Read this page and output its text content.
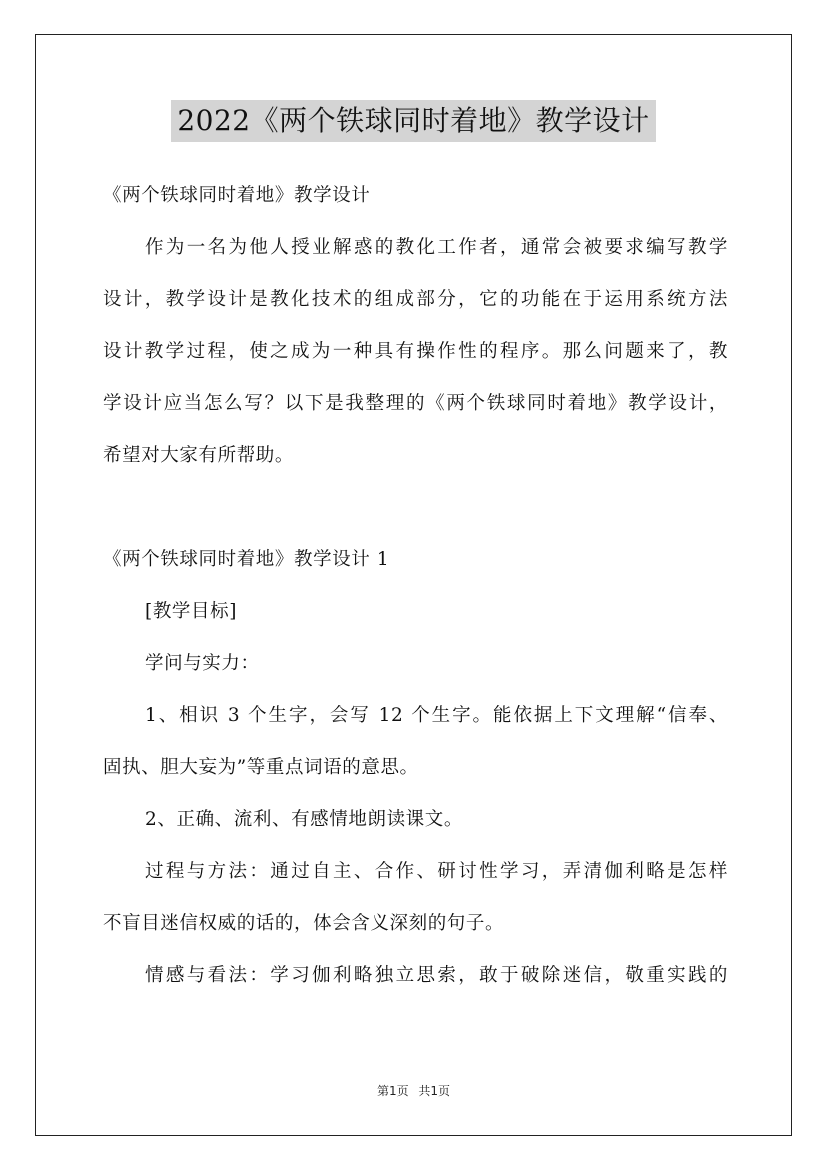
2022《两个铁球同时着地》教学设计

《两个铁球同时着地》教学设计

作为一名为他人授业解惑的教化工作者，通常会被要求编写教学

设计，教学设计是教化技术的组成部分，它的功能在于运用系统方法

设计教学过程，使之成为一种具有操作性的程序。那么问题来了，教

学设计应当怎么写？以下是我整理的《两个铁球同时着地》教学设计，

希望对大家有所帮助。

《两个铁球同时着地》教学设计 1

[教学目标]

学问与实力：

1、相识 3 个生字，会写 12 个生字。能依据上下文理解“信奉、

固执、胆大妄为”等重点词语的意思。

2、正确、流利、有感情地朗读课文。

过程与方法：通过自主、合作、研讨性学习，弄清伽利略是怎样

不盲目迷信权威的话的，体会含义深刻的句子。

情感与看法：学习伽利略独立思索，敢于破除迷信，敬重实践的

第1页 共1页
